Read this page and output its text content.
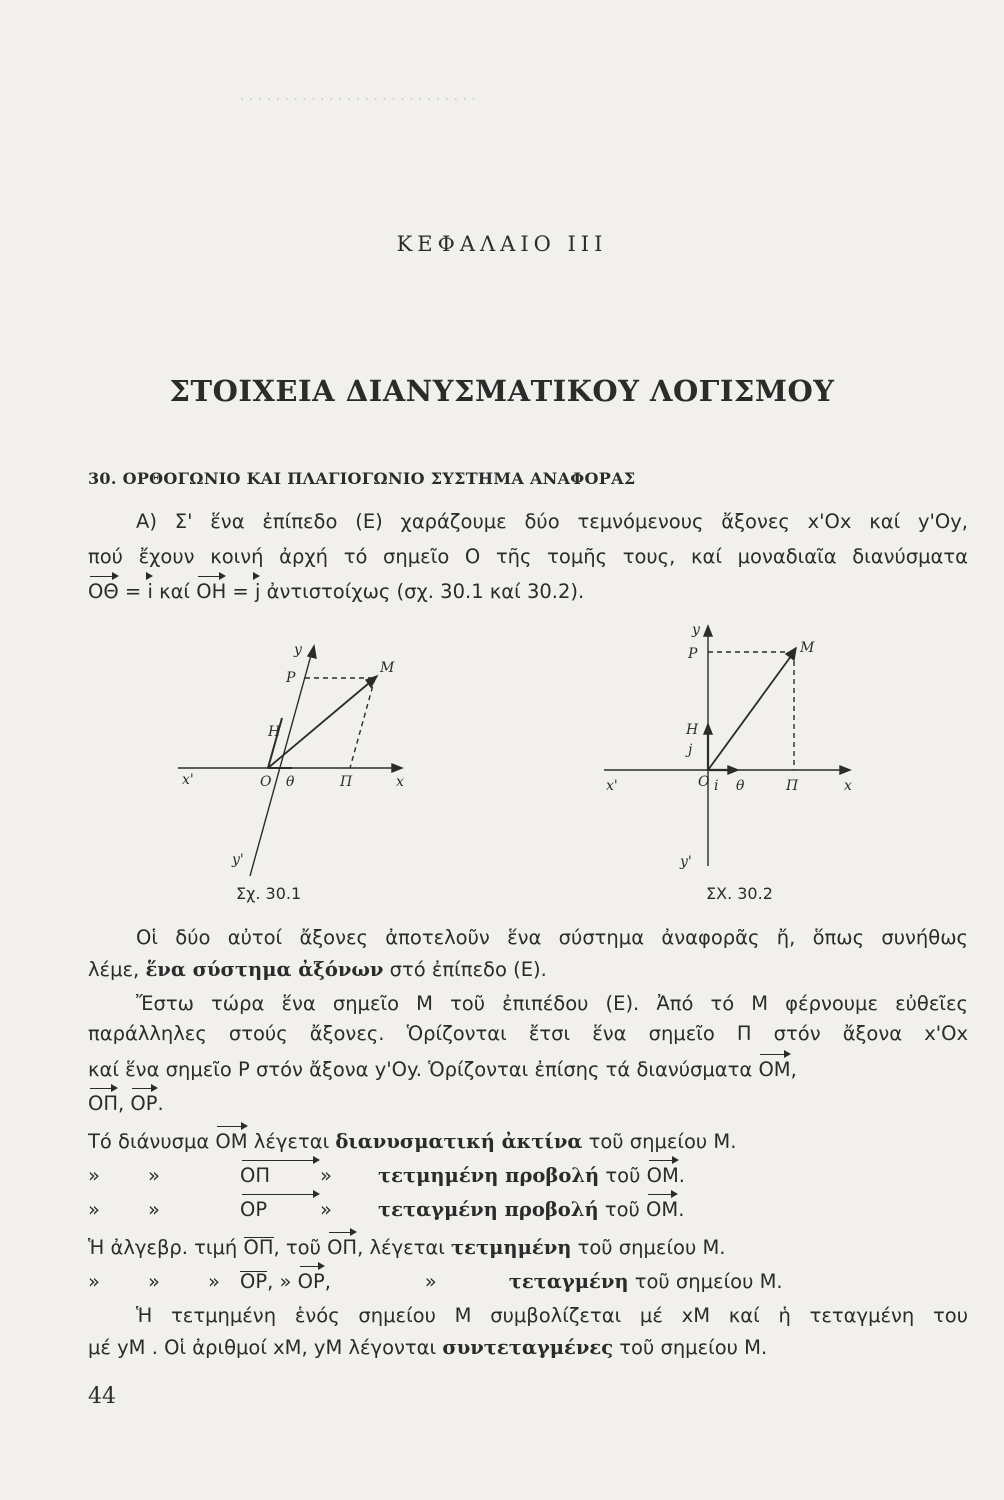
· · · · · · · · · · · · · · · · · · · · · · · · · · ·
ΚΕΦΑΛΑΙΟ ΙΙΙ
ΣΤΟΙΧΕΙΑ ΔΙΑΝΥΣΜΑΤΙΚΟΥ ΛΟΓΙΣΜΟΥ
30. ΟΡΘΟΓΩΝΙΟ ΚΑΙ ΠΛΑΓΙΟΓΩΝΙΟ ΣΥΣΤΗΜΑ ΑΝΑΦΟΡΑΣ
Α) Σ' ἕνα ἐπίπεδο (Ε) χαράζουμε δύο τεμνόμενους ἄξονες x'Ox καί y'Oy,
πού ἔχουν κοινή ἀρχή τό σημεῖο Ο τῆς τομῆς τους, καί μοναδιαῖα διανύσματα
OΘ = i καί OH = j ἀντιστοίχως (σχ. 30.1 καί 30.2).
y
P
M
H
x'	O θ	Π	x
y'
Σχ. 30.1
y
P	M
H
j
x'	O i θ	Π	x
y'
ΣΧ. 30.2
Οἱ δύο αὐτοί ἄξονες ἀποτελοῦν ἕνα σύστημα ἀναφορᾶς ἤ, ὅπως συνήθως
λέμε, ἕνα σύστημα ἀξόνων στό ἐπίπεδο (Ε).
Ἔστω τώρα ἕνα σημεῖο Μ τοῦ ἐπιπέδου (Ε). Ἀπό τό Μ φέρνουμε εὐθεῖες
παράλληλες στούς ἄξονες. Ὁρίζονται ἔτσι ἕνα σημεῖο Π στόν ἄξονα x'Ox
καί ἕνα σημεῖο Ρ στόν ἄξονα y'Oy. Ὁρίζονται ἐπίσης τά διανύσματα OM,
OΠ, OP.
Τό διάνυσμα OM λέγεται διανυσματική ἀκτίνα τοῦ σημείου Μ.
» »	OΠ	» τετμημένη προβολή τοῦ OM.
» »	OP	» τεταγμένη προβολή τοῦ OM.
Ἡ ἀλγεβρ. τιμή OΠ, τοῦ OΠ, λέγεται τετμημένη τοῦ σημείου Μ.
» » » OP, » OP,	»	τεταγμένη τοῦ σημείου Μ.
Ἡ τετμημένη ἑνός σημείου Μ συμβολίζεται μέ xM καί ἡ τεταγμένη του
μέ yM . Οἱ ἀριθμοί xM, yM λέγονται συντεταγμένες τοῦ σημείου Μ.
44
